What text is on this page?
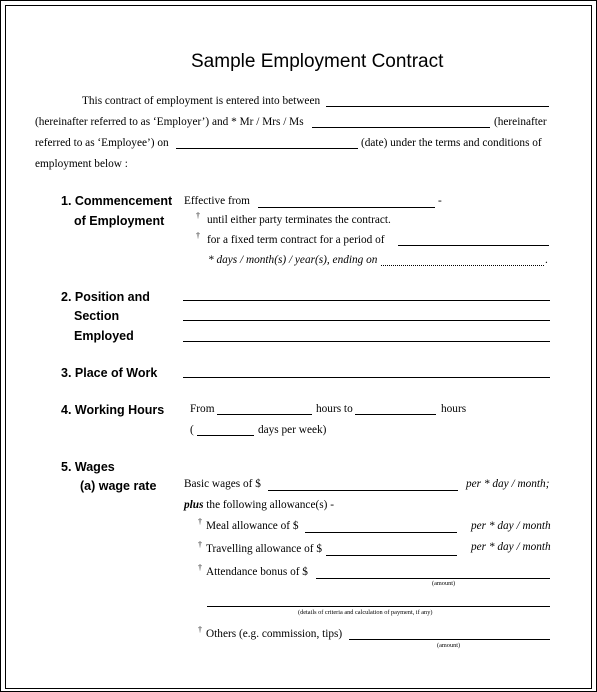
Sample Employment Contract
This contract of employment is entered into between
(hereinafter referred to as ‘Employer’) and * Mr / Mrs / Ms	(hereinafter
referred to as ‘Employee’) on	(date) under the terms and conditions of
employment below :
1. Commencement
of Employment
Effective from	-
† until either party terminates the contract.
† for a fixed term contract for a period of
* days / month(s) / year(s), ending on	.
2. Position and
Section
Employed
3. Place of Work
4. Working Hours From	hours to	hours
(	days per week)
5. Wages
(a) wage rate Basic wages of $	per * day / month;
plus the following allowance(s) -
† Meal allowance of $	per * day / month
† Travelling allowance of $	per * day / month
† Attendance bonus of $
(amount)
(details of criteria and calculation of payment, if any)
† Others (e.g. commission, tips)
(amount)
